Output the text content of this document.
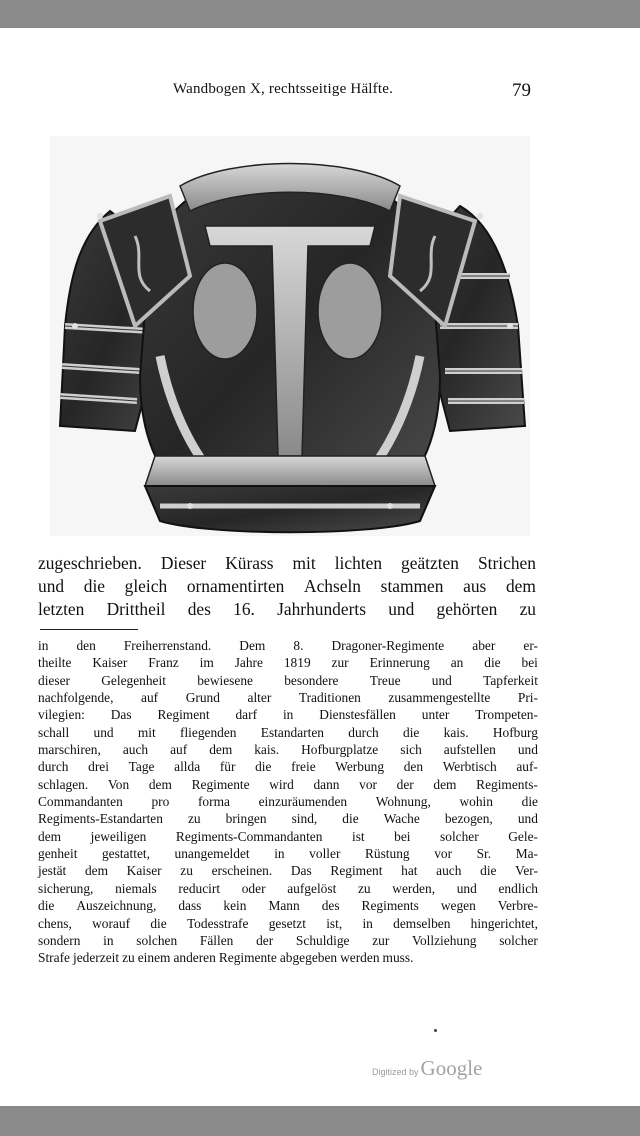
Wandbogen X, rechtsseitige Hälfte.	79
zugeschrieben. Dieser Kürass mit lichten geätzten Strichen
und die gleich ornamentirten Achseln stammen aus dem
letzten Drittheil des 16. Jahrhunderts und gehörten zu
in den Freiherrenstand. Dem 8. Dragoner-Regimente aber er-
theilte Kaiser Franz im Jahre 1819 zur Erinnerung an die bei
dieser Gelegenheit bewiesene besondere Treue und Tapferkeit
nachfolgende, auf Grund alter Traditionen zusammengestellte Pri-
vilegien: Das Regiment darf in Dienstesfällen unter Trompeten-
schall und mit fliegenden Estandarten durch die kais. Hofburg
marschiren, auch auf dem kais. Hofburgplatze sich aufstellen und
durch drei Tage allda für die freie Werbung den Werbtisch auf-
schlagen. Von dem Regimente wird dann vor der dem Regiments-
Commandanten pro forma einzuräumenden Wohnung, wohin die
Regiments-Estandarten zu bringen sind, die Wache bezogen, und
dem jeweiligen Regiments-Commandanten ist bei solcher Gele-
genheit gestattet, unangemeldet in voller Rüstung vor Sr. Ma-
jestät dem Kaiser zu erscheinen. Das Regiment hat auch die Ver-
sicherung, niemals reducirt oder aufgelöst zu werden, und endlich
die Auszeichnung, dass kein Mann des Regiments wegen Verbre-
chens, worauf die Todesstrafe gesetzt ist, in demselben hingerichtet,
sondern in solchen Fällen der Schuldige zur Vollziehung solcher
Strafe jederzeit zu einem anderen Regimente abgegeben werden muss.
Digitized by Google
